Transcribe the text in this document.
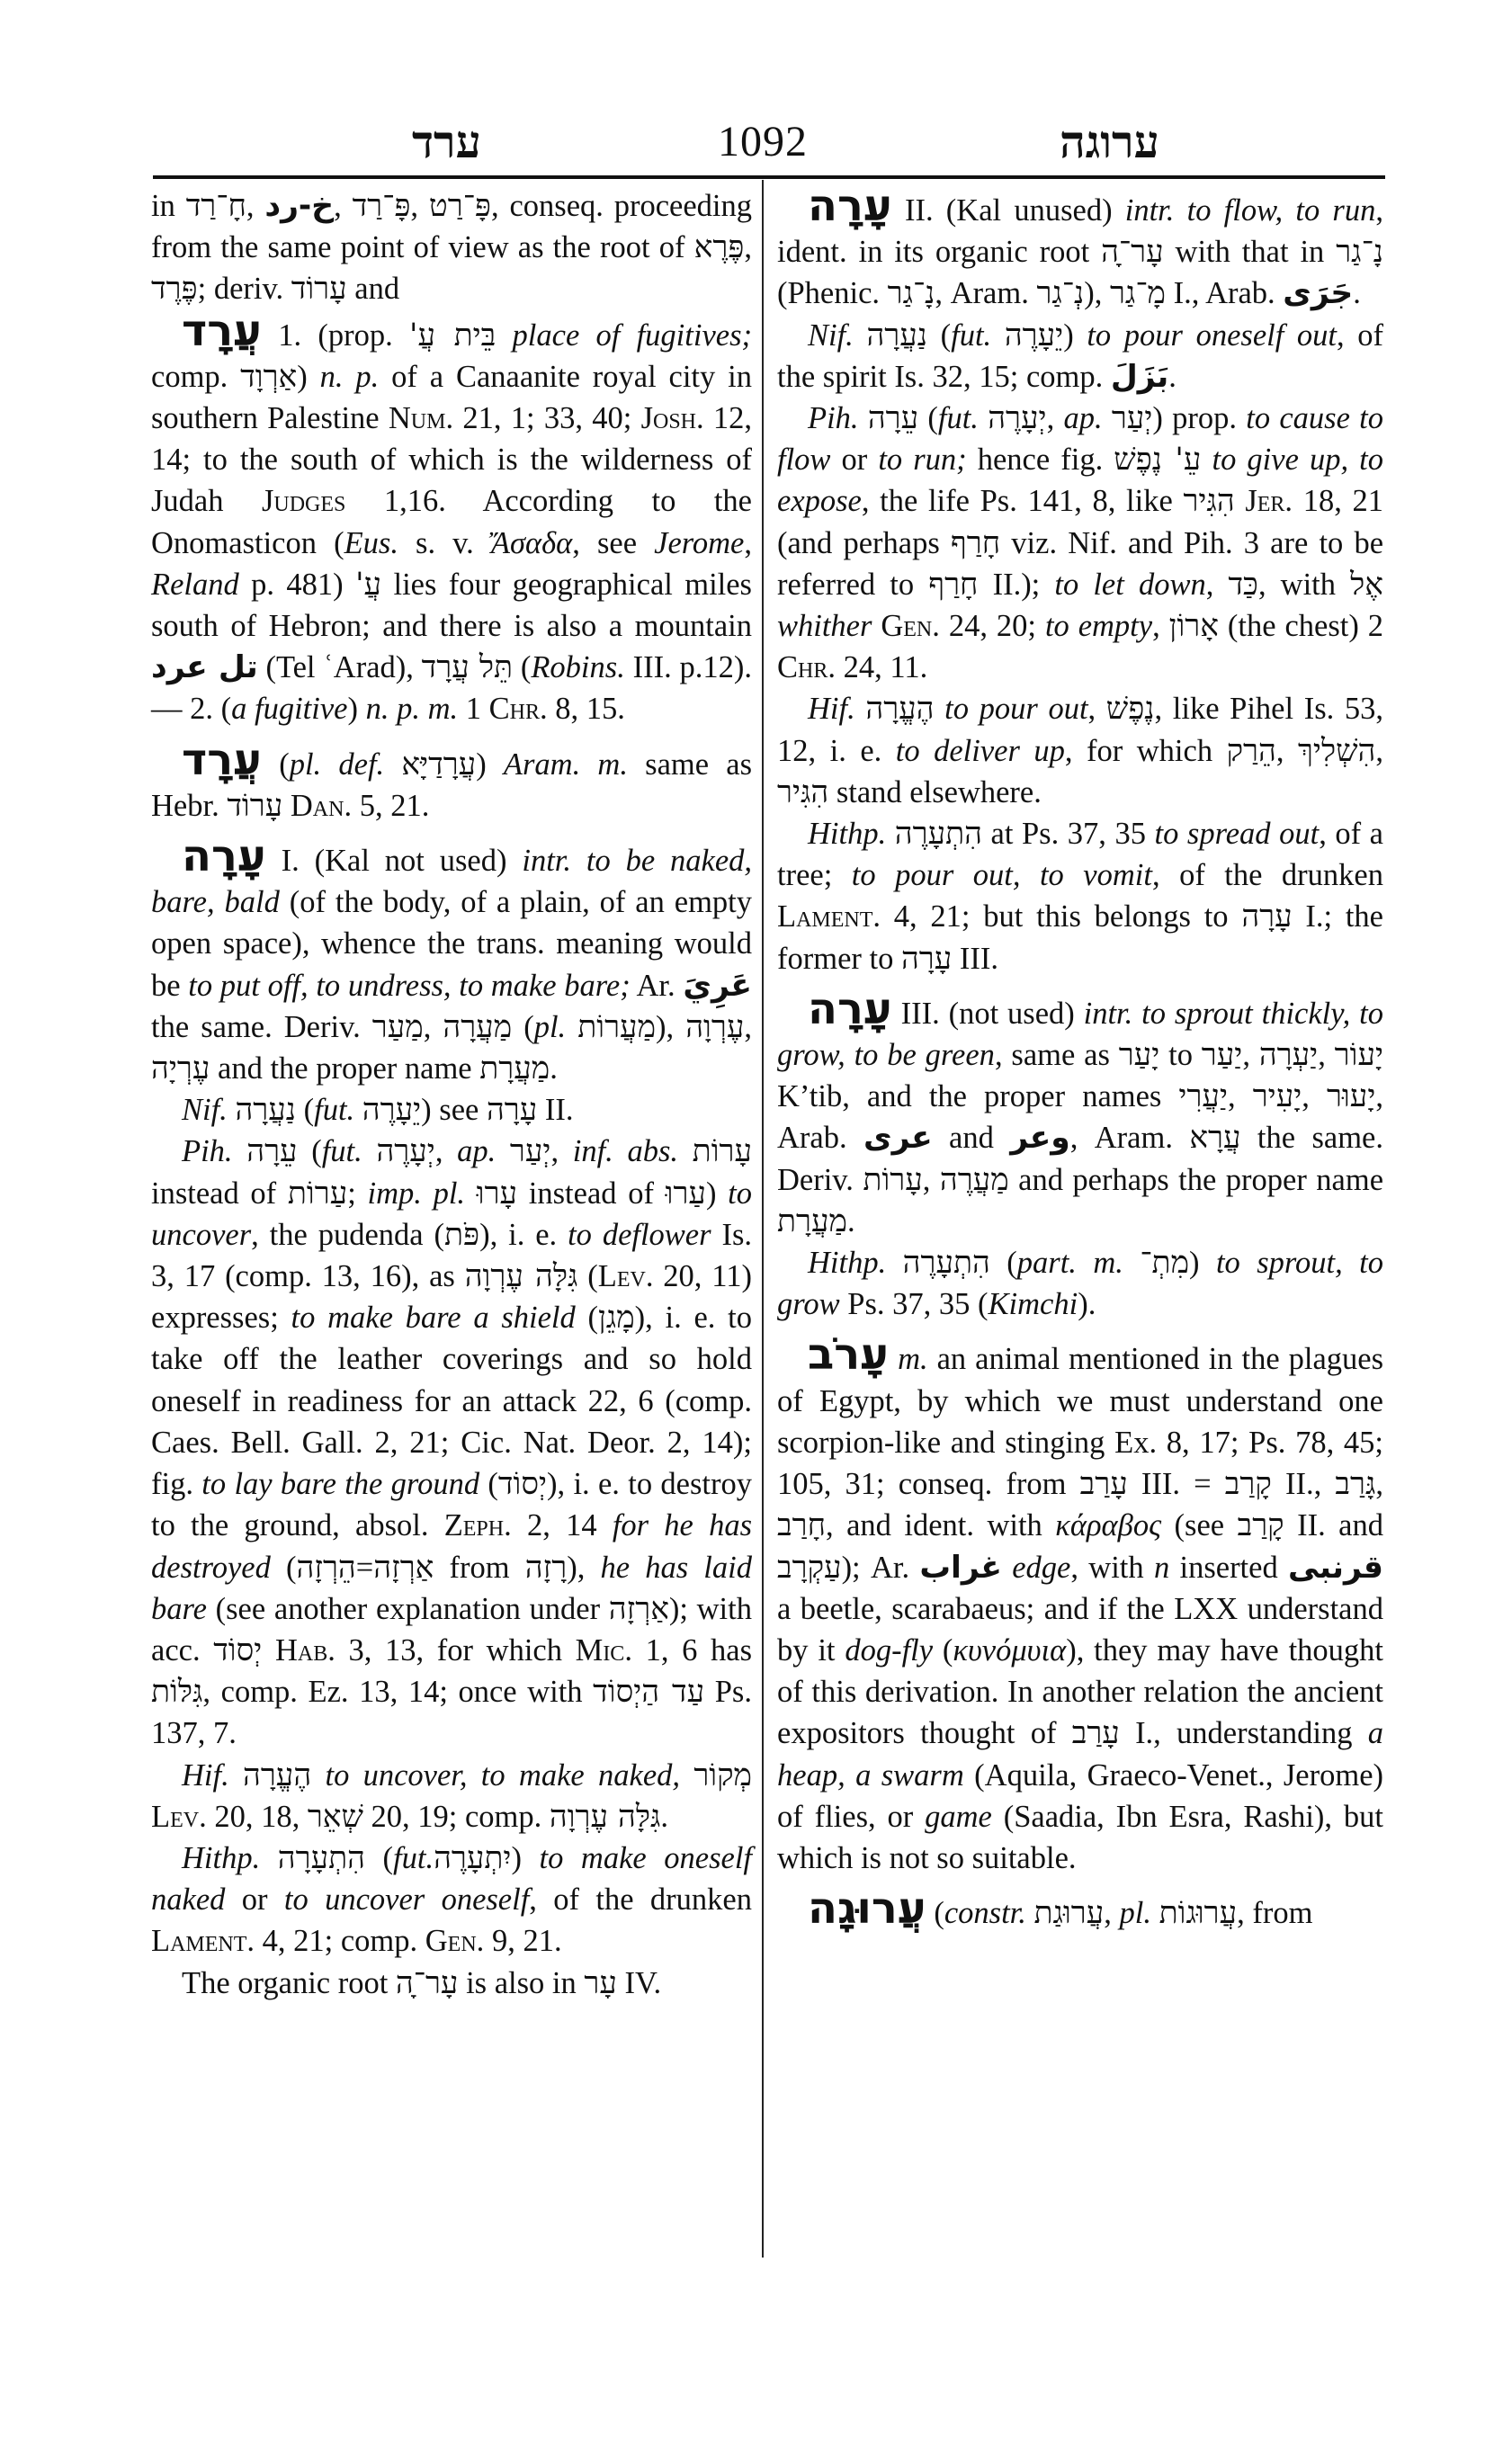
ערד	1092	ערוגה

in חָ־רַד, خ-رد, פָּ־רַד, פָּ־רַט, conseq. proceeding from the same point of view as the root of פֶּרֶא, פֶּרֶד; deriv. עָרוֹד and

עֲרָד 1. (prop. בֵּית עֲ' place of fugitives; comp. אַרְוָד) n. p. of a Canaanite royal city in southern Palestine Num. 21, 1; 33, 40; Josh. 12, 14; to the south of which is the wilderness of Judah Judges 1,16. According to the Onomasticon (Eus. s. v. Ἄσαδα, see Jerome, Reland p. 481) עֲ' lies four geographical miles south of Hebron; and there is also a mountain تل عرد (Tel ʿArad), תֵּל עֲרָד (Robins. III. p.12). — 2. (a fugitive) n. p. m. 1 Chr. 8, 15.

עֲרָד (pl. def. עֲרָדַיָּא) Aram. m. same as Hebr. עָרוֹד Dan. 5, 21.

עָרָה I. (Kal not used) intr. to be naked, bare, bald (of the body, of a plain, of an empty open space), whence the trans. meaning would be to put off, to undress, to make bare; Ar. عَرِيَ the same. Deriv. מַעַר, מַעֲרָה (pl. מַעֲרוֹת), עֶרְוָה, עֶרְיָה and the proper name מַעֲרָת.

Nif. נַעֲרָה (fut. יֵעָרֶה) see עָרָה II.

Pih. עֵרָה (fut. יְעָרֶה, ap. יְעַר, inf. abs. עָרוֹת instead of עַרוֹת; imp. pl. עָרוּ instead of עַרוּ) to uncover, the pudenda (פֹּת), i. e. to deflower Is. 3, 17 (comp. 13, 16), as גִּלָּה עֶרְוָה (Lev. 20, 11) expresses; to make bare a shield (מָגֵן), i. e. to take off the leather coverings and so hold oneself in readiness for an attack 22, 6 (comp. Caes. Bell. Gall. 2, 21; Cic. Nat. Deor. 2, 14); fig. to lay bare the ground (יְסוֹד), i. e. to destroy to the ground, absol. Zeph. 2, 14 for he has destroyed (הֵרְזָה=אַרְזָה from רָזָה), he has laid bare (see another explanation under אַרְזָה); with acc. יְסוֹד Hab. 3, 13, for which Mic. 1, 6 has גִּלּוֹת, comp. Ez. 13, 14; once with עַד הַיְסוֹד Ps. 137, 7.

Hif. הֶעֱרָה to uncover, to make naked, מְקוֹר Lev. 20, 18, שְׁאֵר 20, 19; comp. גִּלָּה עֶרְוָה.

Hithp. הִתְעָרָה (fut.יִתְעָרֶה) to make oneself naked or to uncover oneself, of the drunken Lament. 4, 21; comp. Gen. 9, 21.

The organic root עָר־ָה is also in עָר IV.

עָרָה II. (Kal unused) intr. to flow, to run, ident. in its organic root עָר־ָה with that in נָ־גַר (Phenic. נָ־גַר, Aram. נְ־גַר), מָ־גַר I., Arab. جَرَى.

Nif. נַעֲרָה (fut. יֵעָרֶה) to pour oneself out, of the spirit Is. 32, 15; comp. بَزَلَ.

Pih. עֵרָה (fut. יְעָרֶה, ap. יְעַר) prop. to cause to flow or to run; hence fig. עֵ' נֶפֶשׁ to give up, to expose, the life Ps. 141, 8, like הִגִּיר Jer. 18, 21 (and perhaps חָרַף viz. Nif. and Pih. 3 are to be referred to חָרַף II.); to let down, כַּד, with אֶל whither Gen. 24, 20; to empty, אָרוֹן (the chest) 2 Chr. 24, 11.

Hif. הֶעֱרָה to pour out, נֶפֶשׁ, like Pihel Is. 53, 12, i. e. to deliver up, for which הֵרַק, הִשְׁלִיךְ, הִגִּיר stand elsewhere.

Hithp. הִתְעָרֶה at Ps. 37, 35 to spread out, of a tree; to pour out, to vomit, of the drunken Lament. 4, 21; but this belongs to עָרָה I.; the former to עָרָה III.

עָרָה III. (not used) intr. to sprout thickly, to grow, to be green, same as יָעַר to יַעַר, יַעְרָה, יָעוֹר K’tib, and the proper names יַעֲרִי, יָעִיר, יָעוּר, Arab. عرى and وعر, Aram. עֲרָא the same. Deriv. עָרוֹת, מַעֲרֶה and perhaps the proper name מַעֲרָת.

Hithp. הִתְעָרֶה (part. m. מִתְ־) to sprout, to grow Ps. 37, 35 (Kimchi).

עָרֹב m. an animal mentioned in the plagues of Egypt, by which we must understand one scorpion-like and stinging Ex. 8, 17; Ps. 78, 45; 105, 31; conseq. from עָרַב III. = קָרַב II., גָּרַב, חָרַב, and ident. with κάραβος (see קָרַב II. and עַקְרָב); Ar. غراب edge, with n inserted قرنبى a beetle, scarabaeus; and if the LXX understand by it dog-fly (κυνόμυια), they may have thought of this derivation. In another relation the ancient expositors thought of עָרַב I., understanding a heap, a swarm (Aquila, Graeco-Venet., Jerome) of flies, or game (Saadia, Ibn Esra, Rashi), but which is not so suitable.

עֲרוּגָה (constr. עֲרוּגַת, pl. עֲרוּגוֹת, from
